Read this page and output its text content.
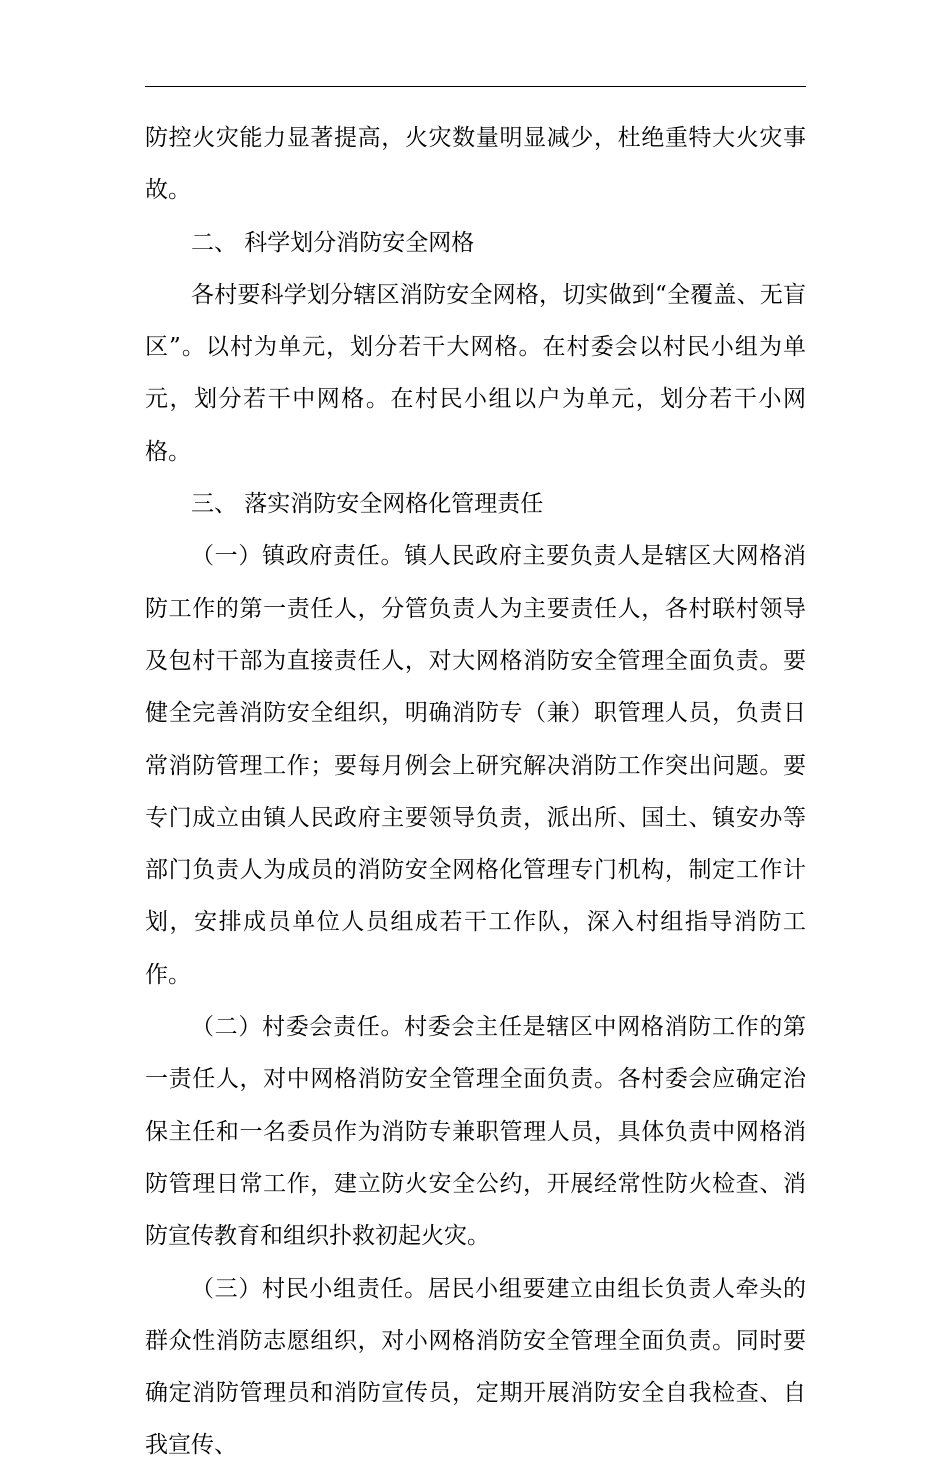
防控火灾能力显著提高，火灾数量明显减少，杜绝重特大火灾事故。

二、 科学划分消防安全网格

各村要科学划分辖区消防安全网格，切实做到“全覆盖、无盲区”。以村为单元，划分若干大网格。在村委会以村民小组为单元，划分若干中网格。在村民小组以户为单元，划分若干小网格。

三、 落实消防安全网格化管理责任

（一）镇政府责任。镇人民政府主要负责人是辖区大网格消防工作的第一责任人，分管负责人为主要责任人，各村联村领导及包村干部为直接责任人，对大网格消防安全管理全面负责。要健全完善消防安全组织，明确消防专（兼）职管理人员，负责日常消防管理工作；要每月例会上研究解决消防工作突出问题。要专门成立由镇人民政府主要领导负责，派出所、国土、镇安办等部门负责人为成员的消防安全网格化管理专门机构，制定工作计划，安排成员单位人员组成若干工作队，深入村组指导消防工作。

（二）村委会责任。村委会主任是辖区中网格消防工作的第一责任人，对中网格消防安全管理全面负责。各村委会应确定治保主任和一名委员作为消防专兼职管理人员，具体负责中网格消防管理日常工作，建立防火安全公约，开展经常性防火检查、消防宣传教育和组织扑救初起火灾。

（三）村民小组责任。居民小组要建立由组长负责人牵头的群众性消防志愿组织，对小网格消防安全管理全面负责。同时要确定消防管理员和消防宣传员，定期开展消防安全自我检查、自我宣传、
